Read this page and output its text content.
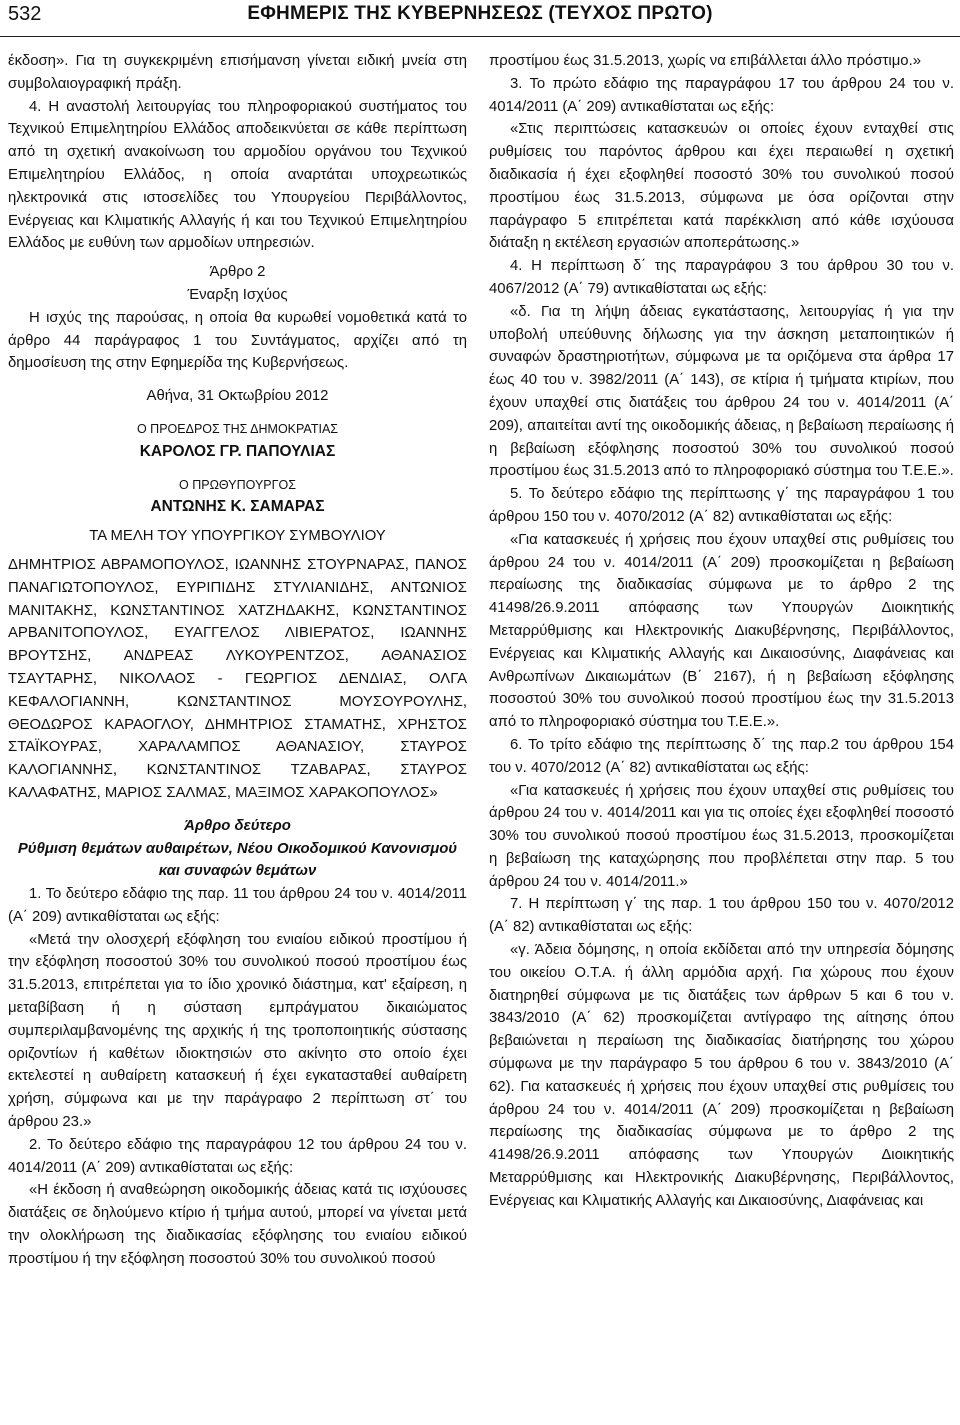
532	ΕΦΗΜΕΡΙΣ ΤΗΣ ΚΥΒΕΡΝΗΣΕΩΣ (ΤΕΥΧΟΣ ΠΡΩΤΟ)

έκδοση». Για τη συγκεκριμένη επισήμανση γίνεται ειδική μνεία στη συμβολαιογραφική πράξη.

4. Η αναστολή λειτουργίας του πληροφοριακού συστήματος του Τεχνικού Επιμελητηρίου Ελλάδος αποδεικνύεται σε κάθε περίπτωση από τη σχετική ανακοίνωση του αρμοδίου οργάνου του Τεχνικού Επιμελητηρίου Ελλάδος, η οποία αναρτάται υποχρεωτικώς ηλεκτρονικά στις ιστοσελίδες του Υπουργείου Περιβάλλοντος, Ενέργειας και Κλιματικής Αλλαγής ή και του Τεχνικού Επιμελητηρίου Ελλάδος με ευθύνη των αρμοδίων υπηρεσιών.

Άρθρο 2

Έναρξη Ισχύος

Η ισχύς της παρούσας, η οποία θα κυρωθεί νομοθετικά κατά το άρθρο 44 παράγραφος 1 του Συντάγματος, αρχίζει από τη δημοσίευση της στην Εφημερίδα της Κυβερνήσεως.

Αθήνα, 31 Οκτωβρίου 2012

Ο ΠΡΟΕΔΡΟΣ ΤΗΣ ΔΗΜΟΚΡΑΤΙΑΣ

ΚΑΡΟΛΟΣ ΓΡ. ΠΑΠΟΥΛΙΑΣ

Ο ΠΡΩΘΥΠΟΥΡΓΟΣ

ΑΝΤΩΝΗΣ Κ. ΣΑΜΑΡΑΣ

ΤΑ ΜΕΛΗ ΤΟΥ ΥΠΟΥΡΓΙΚΟΥ ΣΥΜΒΟΥΛΙΟΥ

ΔΗΜΗΤΡΙΟΣ ΑΒΡΑΜΟΠΟΥΛΟΣ, ΙΩΑΝΝΗΣ ΣΤΟΥΡΝΑΡΑΣ, ΠΑΝΟΣ ΠΑΝΑΓΙΩΤΟΠΟΥΛΟΣ, ΕΥΡΙΠΙΔΗΣ ΣΤΥΛΙΑΝΙΔΗΣ, ΑΝΤΩΝΙΟΣ ΜΑΝΙΤΑΚΗΣ, ΚΩΝΣΤΑΝΤΙΝΟΣ ΧΑΤΖΗΔΑΚΗΣ, ΚΩΝΣΤΑΝΤΙΝΟΣ ΑΡΒΑΝΙΤΟΠΟΥΛΟΣ, ΕΥΑΓΓΕΛΟΣ ΛΙΒΙΕΡΑΤΟΣ, ΙΩΑΝΝΗΣ ΒΡΟΥΤΣΗΣ, ΑΝΔΡΕΑΣ ΛΥΚΟΥΡΕΝΤΖΟΣ, ΑΘΑΝΑΣΙΟΣ ΤΣΑΥΤΑΡΗΣ, ΝΙΚΟΛΑΟΣ - ΓΕΩΡΓΙΟΣ ΔΕΝΔΙΑΣ, ΟΛΓΑ ΚΕΦΑΛΟΓΙΑΝΝΗ, ΚΩΝΣΤΑΝΤΙΝΟΣ ΜΟΥΣΟΥΡΟΥΛΗΣ, ΘΕΟΔΩΡΟΣ ΚΑΡΑΟΓΛΟΥ, ΔΗΜΗΤΡΙΟΣ ΣΤΑΜΑΤΗΣ, ΧΡΗΣΤΟΣ ΣΤΑΪΚΟΥΡΑΣ, ΧΑΡΑΛΑΜΠΟΣ ΑΘΑΝΑΣΙΟΥ, ΣΤΑΥΡΟΣ ΚΑΛΟΓΙΑΝΝΗΣ, ΚΩΝΣΤΑΝΤΙΝΟΣ ΤΖΑΒΑΡΑΣ, ΣΤΑΥΡΟΣ ΚΑΛΑΦΑΤΗΣ, ΜΑΡΙΟΣ ΣΑΛΜΑΣ, ΜΑΞΙΜΟΣ ΧΑΡΑΚΟΠΟΥΛΟΣ»

Άρθρο δεύτερο

Ρύθμιση θεμάτων αυθαιρέτων, Νέου Οικοδομικού Κανονισμού και συναφών θεμάτων

1. Το δεύτερο εδάφιο της παρ. 11 του άρθρου 24 του ν. 4014/2011 (Α΄ 209) αντικαθίσταται ως εξής:

«Μετά την ολοσχερή εξόφληση του ενιαίου ειδικού προστίμου ή την εξόφληση ποσοστού 30% του συνολικού ποσού προστίμου έως 31.5.2013, επιτρέπεται για το ίδιο χρονικό διάστημα, κατ' εξαίρεση, η μεταβίβαση ή η σύσταση εμπράγματου δικαιώματος συμπεριλαμβανομένης της αρχικής ή της τροποποιητικής σύστασης οριζοντίων ή καθέτων ιδιοκτησιών στο ακίνητο στο οποίο έχει εκτελεστεί η αυθαίρετη κατασκευή ή έχει εγκατασταθεί αυθαίρετη χρήση, σύμφωνα και με την παράγραφο 2 περίπτωση στ΄ του άρθρου 23.»

2. Το δεύτερο εδάφιο της παραγράφου 12 του άρθρου 24 του ν. 4014/2011 (Α΄ 209) αντικαθίσταται ως εξής:

«Η έκδοση ή αναθεώρηση οικοδομικής άδειας κατά τις ισχύουσες διατάξεις σε δηλούμενο κτίριο ή τμήμα αυτού, μπορεί να γίνεται μετά την ολοκλήρωση της διαδικασίας εξόφλησης του ενιαίου ειδικού προστίμου ή την εξόφληση ποσοστού 30% του συνολικού ποσού

προστίμου έως 31.5.2013, χωρίς να επιβάλλεται άλλο πρόστιμο.»

3. Το πρώτο εδάφιο της παραγράφου 17 του άρθρου 24 του ν. 4014/2011 (Α΄ 209) αντικαθίσταται ως εξής:

«Στις περιπτώσεις κατασκευών οι οποίες έχουν ενταχθεί στις ρυθμίσεις του παρόντος άρθρου και έχει περαιωθεί η σχετική διαδικασία ή έχει εξοφληθεί ποσοστό 30% του συνολικού ποσού προστίμου έως 31.5.2013, σύμφωνα με όσα ορίζονται στην παράγραφο 5 επιτρέπεται κατά παρέκκλιση από κάθε ισχύουσα διάταξη η εκτέλεση εργασιών αποπεράτωσης.»

4. Η περίπτωση δ΄ της παραγράφου 3 του άρθρου 30 του ν. 4067/2012 (Α΄ 79) αντικαθίσταται ως εξής:

«δ. Για τη λήψη άδειας εγκατάστασης, λειτουργίας ή για την υποβολή υπεύθυνης δήλωσης για την άσκηση μεταποιητικών ή συναφών δραστηριοτήτων, σύμφωνα με τα οριζόμενα στα άρθρα 17 έως 40 του ν. 3982/2011 (Α΄ 143), σε κτίρια ή τμήματα κτιρίων, που έχουν υπαχθεί στις διατάξεις του άρθρου 24 του ν. 4014/2011 (Α΄ 209), απαιτείται αντί της οικοδομικής άδειας, η βεβαίωση περαίωσης ή η βεβαίωση εξόφλησης ποσοστού 30% του συνολικού ποσού προστίμου έως 31.5.2013 από το πληροφοριακό σύστημα του Τ.Ε.Ε.».

5. Το δεύτερο εδάφιο της περίπτωσης γ΄ της παραγράφου 1 του άρθρου 150 του ν. 4070/2012 (Α΄ 82) αντικαθίσταται ως εξής:

«Για κατασκευές ή χρήσεις που έχουν υπαχθεί στις ρυθμίσεις του άρθρου 24 του ν. 4014/2011 (Α΄ 209) προσκομίζεται η βεβαίωση περαίωσης της διαδικασίας σύμφωνα με το άρθρο 2 της 41498/26.9.2011 απόφασης των Υπουργών Διοικητικής Μεταρρύθμισης και Ηλεκτρονικής Διακυβέρνησης, Περιβάλλοντος, Ενέργειας και Κλιματικής Αλλαγής και Δικαιοσύνης, Διαφάνειας και Ανθρωπίνων Δικαιωμάτων (Β΄ 2167), ή η βεβαίωση εξόφλησης ποσοστού 30% του συνολικού ποσού προστίμου έως την 31.5.2013 από το πληροφοριακό σύστημα του Τ.Ε.Ε.».

6. Το τρίτο εδάφιο της περίπτωσης δ΄ της παρ.2 του άρθρου 154 του ν. 4070/2012 (Α΄ 82) αντικαθίσταται ως εξής:

«Για κατασκευές ή χρήσεις που έχουν υπαχθεί στις ρυθμίσεις του άρθρου 24 του ν. 4014/2011 και για τις οποίες έχει εξοφληθεί ποσοστό 30% του συνολικού ποσού προστίμου έως 31.5.2013, προσκομίζεται η βεβαίωση της καταχώρησης που προβλέπεται στην παρ. 5 του άρθρου 24 του ν. 4014/2011.»

7. Η περίπτωση γ΄ της παρ. 1 του άρθρου 150 του ν. 4070/2012 (Α΄ 82) αντικαθίσταται ως εξής:

«γ. Άδεια δόμησης, η οποία εκδίδεται από την υπηρεσία δόμησης του οικείου Ο.Τ.Α. ή άλλη αρμόδια αρχή. Για χώρους που έχουν διατηρηθεί σύμφωνα με τις διατάξεις των άρθρων 5 και 6 του ν. 3843/2010 (Α΄ 62) προσκομίζεται αντίγραφο της αίτησης όπου βεβαιώνεται η περαίωση της διαδικασίας διατήρησης του χώρου σύμφωνα με την παράγραφο 5 του άρθρου 6 του ν. 3843/2010 (Α΄ 62). Για κατασκευές ή χρήσεις που έχουν υπαχθεί στις ρυθμίσεις του άρθρου 24 του ν. 4014/2011 (Α΄ 209) προσκομίζεται η βεβαίωση περαίωσης της διαδικασίας σύμφωνα με το άρθρο 2 της 41498/26.9.2011 απόφασης των Υπουργών Διοικητικής Μεταρρύθμισης και Ηλεκτρονικής Διακυβέρνησης, Περιβάλλοντος, Ενέργειας και Κλιματικής Αλλαγής και Δικαιοσύνης, Διαφάνειας και
